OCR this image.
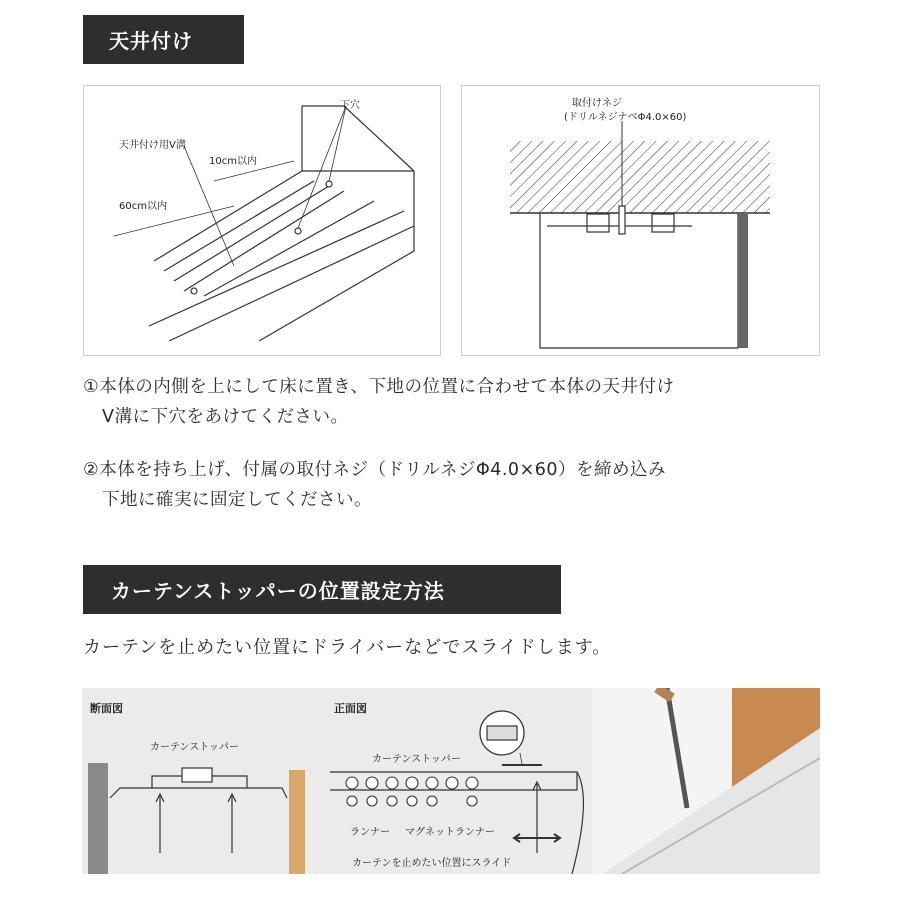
天井付け
下穴
天井付け用V溝
10cm以内
60cm以内
取付けネジ
(ドリルネジナベΦ4.0×60)
①本体の内側を上にして床に置き、下地の位置に合わせて本体の天井付け
V溝に下穴をあけてください。
②本体を持ち上げ、付属の取付ネジ（ドリルネジΦ4.0×60）を締め込み
下地に確実に固定してください。
カーテンストッパーの位置設定方法
カーテンを止めたい位置にドライバーなどでスライドします。
断面図
カーテンストッパー
正面図
カーテンストッパー
ランナー マグネットランナー
カーテンを止めたい位置にスライド
